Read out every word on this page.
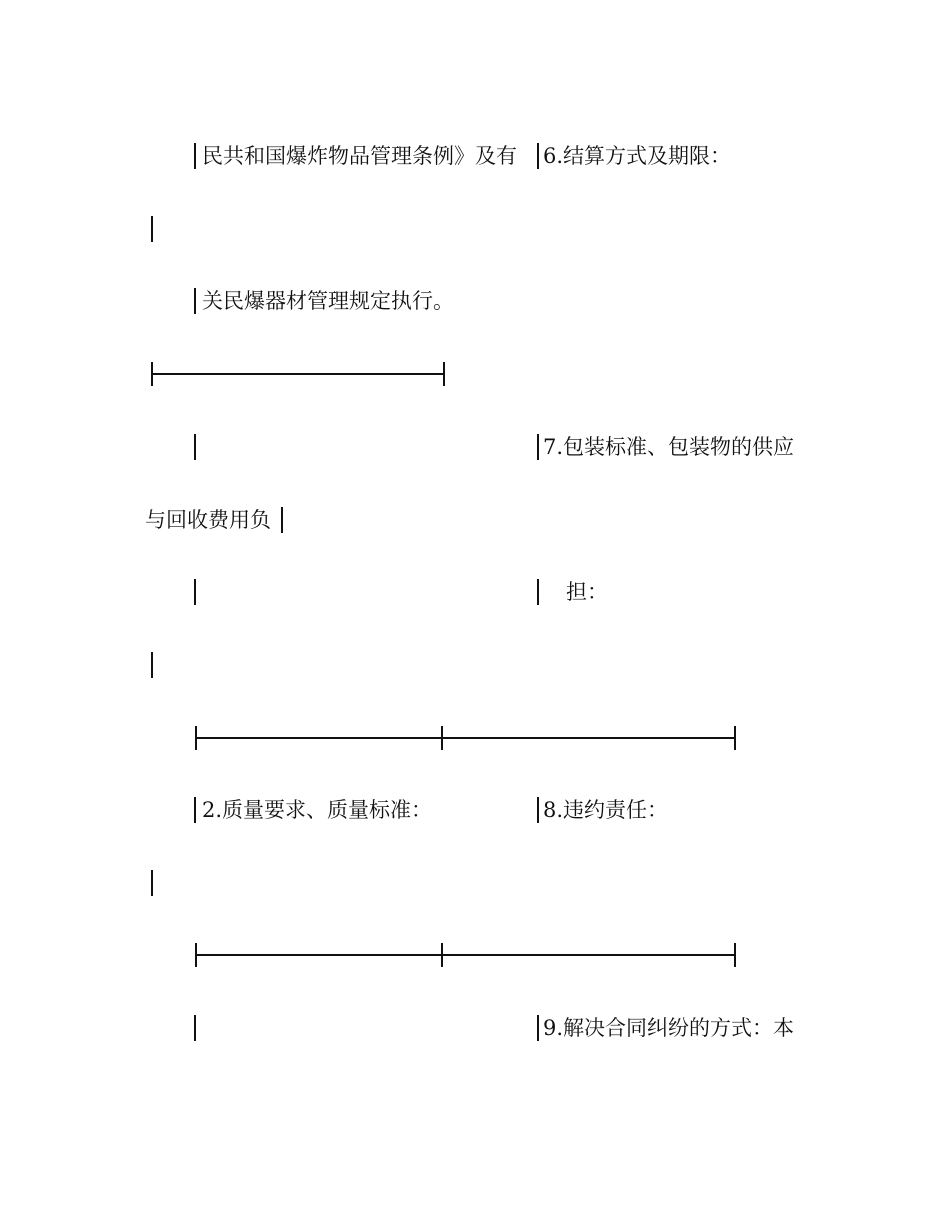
民共和国爆炸物品管理条例》及有 6.结算方式及期限：
关民爆器材管理规定执行。
7.包装标准、包装物的供应
与回收费用负
担：
2.质量要求、质量标准：	8.违约责任：
9.解决合同纠纷的方式：本
